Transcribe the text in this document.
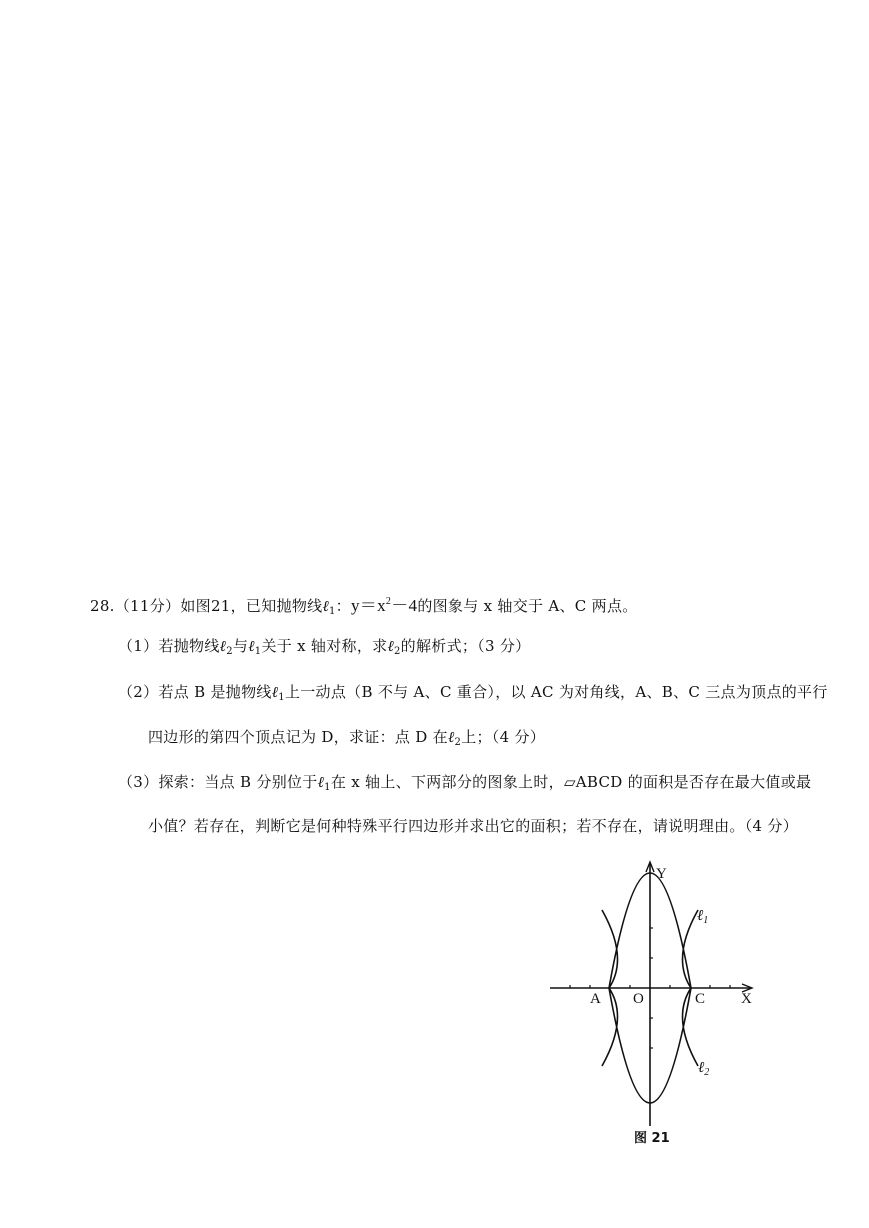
28.（11分）如图21，已知抛物线ℓ$_1$：$y=x^2-4$的图象与 x 轴交于 A、C 两点。
（1）若抛物线ℓ$_2$与ℓ$_1$关于 x 轴对称，求ℓ$_2$的解析式；（3 分）
（2）若点 B 是抛物线ℓ$_1$上一动点（B 不与 A、C 重合），以 AC 为对角线，A、B、C 三点为顶点的平行
四边形的第四个顶点记为 D，求证：点 D 在ℓ$_2$上；（4 分）
（3）探索：当点 B 分别位于ℓ$_1$在 x 轴上、下两部分的图象上时，▱ABCD 的面积是否存在最大值或最
小值？若存在，判断它是何种特殊平行四边形并求出它的面积；若不存在，请说明理由。（4 分）
Y
X
A O	C
ℓ$_1$
ℓ$_2$
图 21
